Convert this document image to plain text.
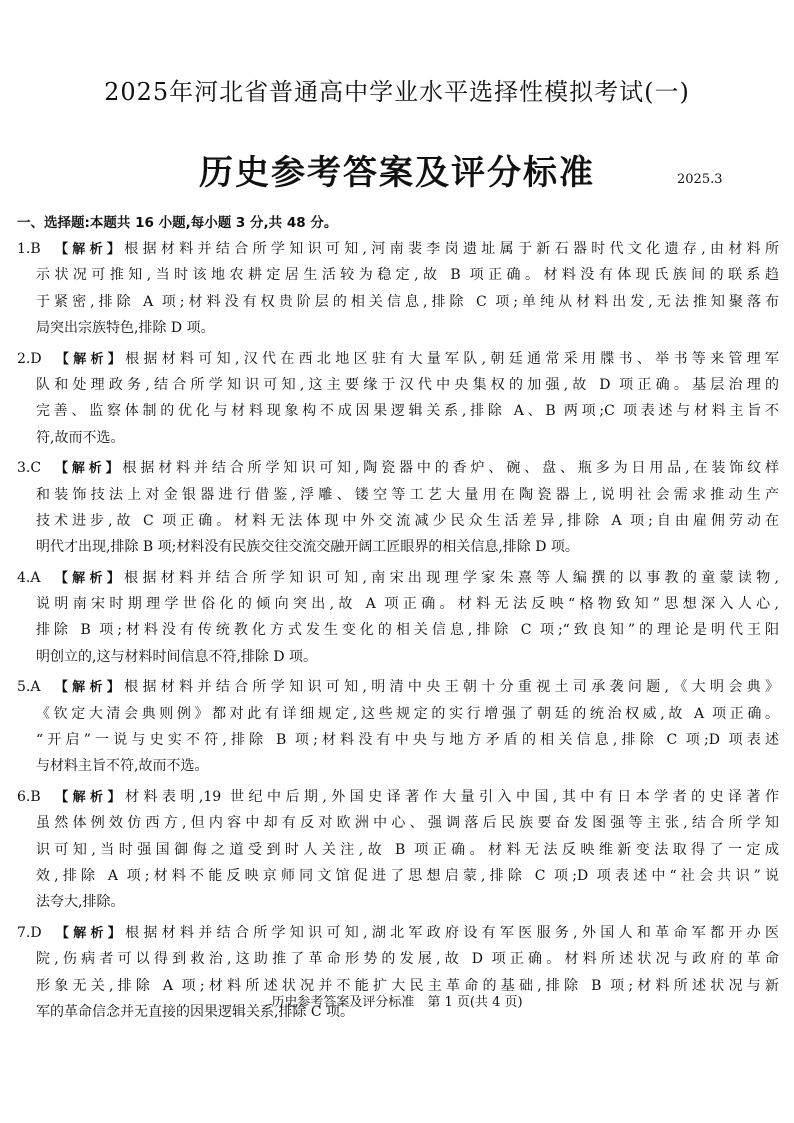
2025年河北省普通高中学业水平选择性模拟考试(一)
历史参考答案及评分标准	2025.3
一、选择题:本题共 16 小题,每小题 3 分,共 48 分。
1.B 【解析】根据材料并结合所学知识可知,河南裴李岗遗址属于新石器时代文化遗存,由材料所
示状况可推知,当时该地农耕定居生活较为稳定,故 B 项正确。材料没有体现氏族间的联系趋
于紧密,排除 A 项;材料没有权贵阶层的相关信息,排除 C 项;单纯从材料出发,无法推知聚落布
局突出宗族特色,排除 D 项。
2.D 【解析】根据材料可知,汉代在西北地区驻有大量军队,朝廷通常采用牒书、举书等来管理军
队和处理政务,结合所学知识可知,这主要缘于汉代中央集权的加强,故 D 项正确。基层治理的
完善、监察体制的优化与材料现象构不成因果逻辑关系,排除 A、B 两项;C 项表述与材料主旨不
符,故而不选。
3.C 【解析】根据材料并结合所学知识可知,陶瓷器中的香炉、碗、盘、瓶多为日用品,在装饰纹样
和装饰技法上对金银器进行借鉴,浮雕、镂空等工艺大量用在陶瓷器上,说明社会需求推动生产
技术进步,故 C 项正确。材料无法体现中外交流减少民众生活差异,排除 A 项;自由雇佣劳动在
明代才出现,排除 B 项;材料没有民族交往交流交融开阔工匠眼界的相关信息,排除 D 项。
4.A 【解析】根据材料并结合所学知识可知,南宋出现理学家朱熹等人编撰的以事教的童蒙读物,
说明南宋时期理学世俗化的倾向突出,故 A 项正确。材料无法反映“格物致知”思想深入人心,
排除 B 项;材料没有传统教化方式发生变化的相关信息,排除 C 项;“致良知”的理论是明代王阳
明创立的,这与材料时间信息不符,排除 D 项。
5.A 【解析】根据材料并结合所学知识可知,明清中央王朝十分重视土司承袭问题,《大明会典》
《钦定大清会典则例》都对此有详细规定,这些规定的实行增强了朝廷的统治权威,故 A 项正确。
“开启”一说与史实不符,排除 B 项;材料没有中央与地方矛盾的相关信息,排除 C 项;D 项表述
与材料主旨不符,故而不选。
6.B 【解析】材料表明,19 世纪中后期,外国史译著作大量引入中国,其中有日本学者的史译著作
虽然体例效仿西方,但内容中却有反对欧洲中心、强调落后民族要奋发图强等主张,结合所学知
识可知,当时强国御侮之道受到时人关注,故 B 项正确。材料无法反映维新变法取得了一定成
效,排除 A 项;材料不能反映京师同文馆促进了思想启蒙,排除 C 项;D 项表述中“社会共识”说
法夸大,排除。
7.D 【解析】根据材料并结合所学知识可知,湖北军政府设有军医服务,外国人和革命军都开办医
院,伤病者可以得到救治,这助推了革命形势的发展,故 D 项正确。材料所述状况与政府的革命
形象无关,排除 A 项;材料所述状况并不能扩大民主革命的基础,排除 B 项;材料所述状况与新
军的革命信念并无直接的因果逻辑关系,排除 C 项。
历史参考答案及评分标准　第 1 页(共 4 页)
